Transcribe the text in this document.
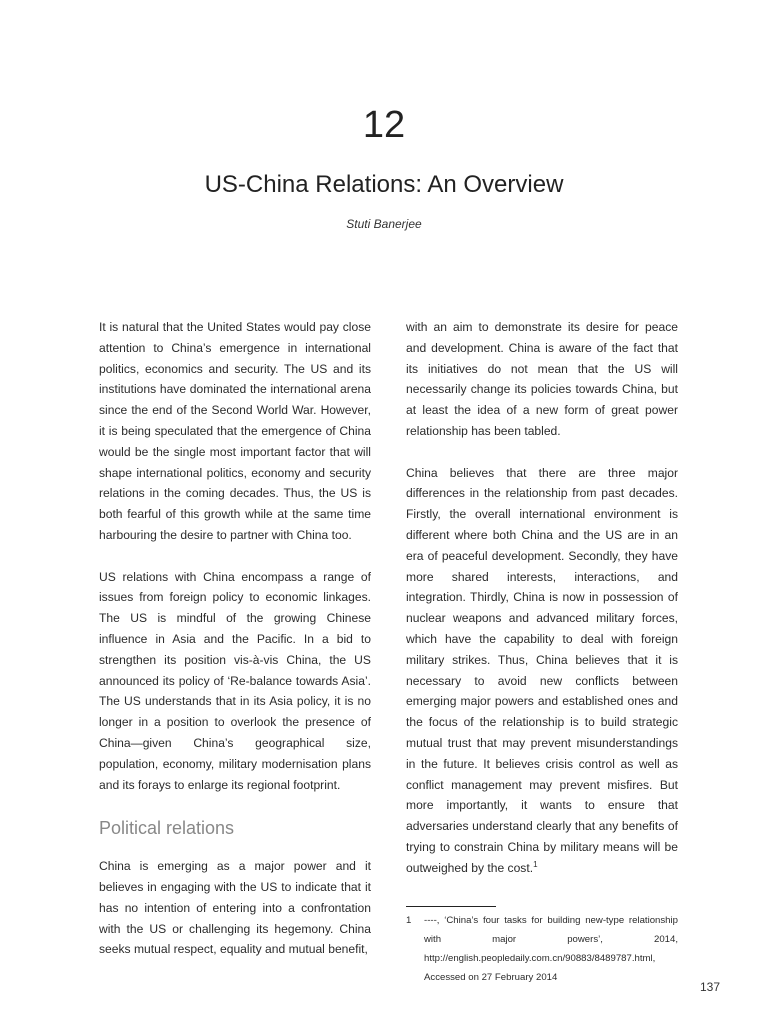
12
US-China Relations: An Overview
Stuti Banerjee

It is natural that the United States would pay close attention to China’s emergence in international politics, economics and security. The US and its institutions have dominated the international arena since the end of the Second World War. However, it is being speculated that the emergence of China would be the single most important factor that will shape international politics, economy and security relations in the coming decades. Thus, the US is both fearful of this growth while at the same time harbouring the desire to partner with China too.

US relations with China encompass a range of issues from foreign policy to economic linkages. The US is mindful of the growing Chinese influence in Asia and the Pacific. In a bid to strengthen its position vis-à-vis China, the US announced its policy of ‘Re-balance towards Asia’. The US understands that in its Asia policy, it is no longer in a position to overlook the presence of China—given China’s geographical size, population, economy, military modernisation plans and its forays to enlarge its regional footprint.

Political relations

China is emerging as a major power and it believes in engaging with the US to indicate that it has no intention of entering into a confrontation with the US or challenging its hegemony. China seeks mutual respect, equality and mutual benefit,

with an aim to demonstrate its desire for peace and development. China is aware of the fact that its initiatives do not mean that the US will necessarily change its policies towards China, but at least the idea of a new form of great power relationship has been tabled.

China believes that there are three major differences in the relationship from past decades. Firstly, the overall international environment is different where both China and the US are in an era of peaceful development. Secondly, they have more shared interests, interactions, and integration. Thirdly, China is now in possession of nuclear weapons and advanced military forces, which have the capability to deal with foreign military strikes. Thus, China believes that it is necessary to avoid new conflicts between emerging major powers and established ones and the focus of the relationship is to build strategic mutual trust that may prevent misunderstandings in the future. It believes crisis control as well as conflict management may prevent misfires. But more importantly, it wants to ensure that adversaries understand clearly that any benefits of trying to constrain China by military means will be outweighed by the cost.$^1$

1 ----, ‘China’s four tasks for building new-type relationship with major powers’, 2014, http://english.peopledaily.com.cn/90883/8489787.html, Accessed on 27 February 2014
137
